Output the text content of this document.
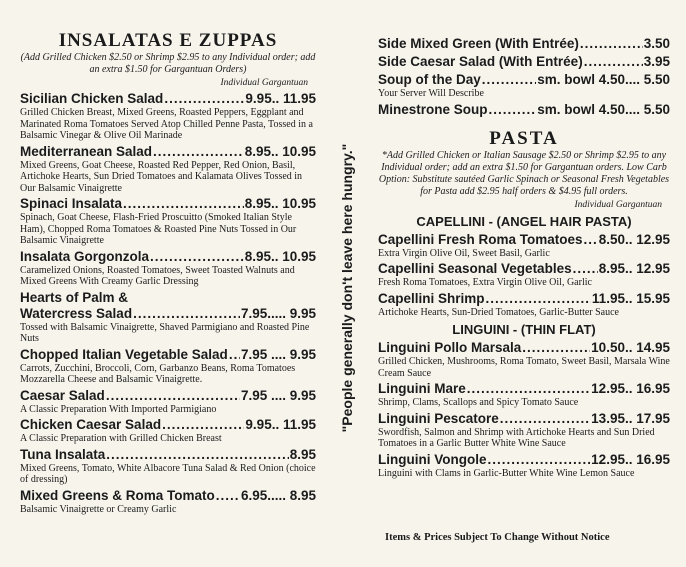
INSALATAS E ZUPPAS
(Add Grilled Chicken $2.50 or Shrimp $2.95 to any Individual order; add an extra $1.50 for Gargantuan Orders)
Individual Gargantuan
Sicilian Chicken Salad .....	9.95.. 11.95
Grilled Chicken Breast, Mixed Greens, Roasted Peppers, Eggplant and Marinated Roma Tomatoes Served Atop Chilled Penne Pasta, Tossed in a Balsamic Vinegar & Olive Oil Marinade
Mediterranean Salad .....	8.95.. 10.95
Mixed Greens, Goat Cheese, Roasted Red Pepper, Red Onion, Basil, Artichoke Hearts, Sun Dried Tomatoes and Kalamata Olives Tossed in Our Balsamic Vinaigrette
Spinaci Insalata .....	8.95.. 10.95
Spinach, Goat Cheese, Flash-Fried Proscuitto (Smoked Italian Style Ham), Chopped Roma Tomatoes & Roasted Pine Nuts Tossed in Our Balsamic Vinaigrette
Insalata Gorgonzola .....	8.95.. 10.95
Caramelized Onions, Roasted Tomatoes, Sweet Toasted Walnuts and Mixed Greens With Creamy Garlic Dressing
Hearts of Palm &
Watercress Salad .....	7.95..... 9.95
Tossed with Balsamic Vinaigrette, Shaved Parmigiano and Roasted Pine Nuts
Chopped Italian Vegetable Salad ..... 7.95 .... 9.95
Carrots, Zucchini, Broccoli, Corn, Garbanzo Beans, Roma Tomatoes Mozzarella Cheese and Balsamic Vinaigrette.
Caesar Salad .....	7.95 .... 9.95
A Classic Preparation With Imported Parmigiano
Chicken Caesar Salad .....	9.95.. 11.95
A Classic Preparation with Grilled Chicken Breast
Tuna Insalata .....	8.95
Mixed Greens, Tomato, White Albacore Tuna Salad & Red Onion (choice of dressing)
Mixed Greens & Roma Tomato ..... 6.95..... 8.95
Balsamic Vinaigrette or Creamy Garlic
"People generally don't leave here hungry."
Side Mixed Green (With Entrée) .....	3.50
Side Caesar Salad (With Entrée) .....	3.95
Soup of the Day .....	sm. bowl 4.50.... 5.50
Your Server Will Describe
Minestrone Soup .....	sm. bowl 4.50.... 5.50
PASTA
*Add Grilled Chicken or Italian Sausage $2.50 or Shrimp $2.95 to any Individual order; add an extra $1.50 for Gargantuan orders. Low Carb Option: Substitute sautéed Garlic Spinach or Seasonal Fresh Vegetables for Pasta add $2.95 half orders & $4.95 full orders.
Individual Gargantuan
CAPELLINI - (ANGEL HAIR PASTA)
Capellini Fresh Roma Tomatoes ..... 8.50.. 12.95
Extra Virgin Olive Oil, Sweet Basil, Garlic
Capellini Seasonal Vegetables ..... 8.95.. 12.95
Fresh Roma Tomatoes, Extra Virgin Olive Oil, Garlic
Capellini Shrimp .....	11.95.. 15.95
Artichoke Hearts, Sun-Dried Tomatoes, Garlic-Butter Sauce
LINGUINI - (THIN FLAT)
Linguini Pollo Marsala .....	10.50.. 14.95
Grilled Chicken, Mushrooms, Roma Tomato, Sweet Basil, Marsala Wine Cream Sauce
Linguini Mare .....	12.95.. 16.95
Shrimp, Clams, Scallops and Spicy Tomato Sauce
Linguini Pescatore .....	13.95.. 17.95
Swordfish, Salmon and Shrimp with Artichoke Hearts and Sun Dried Tomatoes in a Garlic Butter White Wine Sauce
Linguini Vongole .....	12.95.. 16.95
Linguini with Clams in Garlic-Butter White Wine Lemon Sauce
Items & Prices Subject To Change Without Notice
